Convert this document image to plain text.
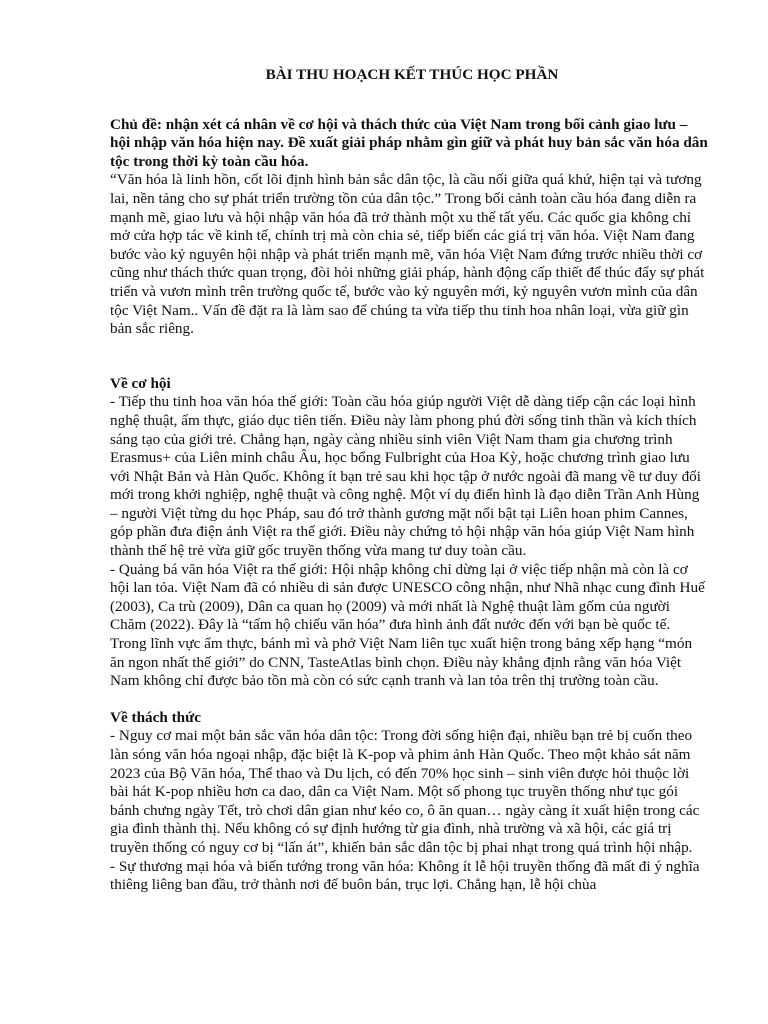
BÀI THU HOẠCH KẾT THÚC HỌC PHẦN

Chủ đề: nhận xét cá nhân về cơ hội và thách thức của Việt Nam trong bối cảnh giao lưu – hội nhập văn hóa hiện nay. Đề xuất giải pháp nhằm gìn giữ và phát huy bản sắc văn hóa dân tộc trong thời kỳ toàn cầu hóa.

“Văn hóa là linh hồn, cốt lõi định hình bản sắc dân tộc, là cầu nối giữa quá khứ, hiện tại và tương lai, nền tảng cho sự phát triển trường tồn của dân tộc.” Trong bối cảnh toàn cầu hóa đang diễn ra mạnh mẽ, giao lưu và hội nhập văn hóa đã trở thành một xu thế tất yếu. Các quốc gia không chỉ mở cửa hợp tác về kinh tế, chính trị mà còn chia sẻ, tiếp biến các giá trị văn hóa. Việt Nam đang bước vào kỷ nguyên hội nhập và phát triển mạnh mẽ, văn hóa Việt Nam đứng trước nhiều thời cơ cũng như thách thức quan trọng, đòi hỏi những giải pháp, hành động cấp thiết để thúc đẩy sự phát triển và vươn mình trên trường quốc tế, bước vào kỷ nguyên mới, kỷ nguyên vươn mình của dân tộc Việt Nam.. Vấn đề đặt ra là làm sao để chúng ta vừa tiếp thu tinh hoa nhân loại, vừa giữ gìn bản sắc riêng.

Về cơ hội

- Tiếp thu tinh hoa văn hóa thế giới: Toàn cầu hóa giúp người Việt dễ dàng tiếp cận các loại hình nghệ thuật, ẩm thực, giáo dục tiên tiến. Điều này làm phong phú đời sống tinh thần và kích thích sáng tạo của giới trẻ. Chẳng hạn, ngày càng nhiều sinh viên Việt Nam tham gia chương trình Erasmus+ của Liên minh châu Âu, học bổng Fulbright của Hoa Kỳ, hoặc chương trình giao lưu với Nhật Bản và Hàn Quốc. Không ít bạn trẻ sau khi học tập ở nước ngoài đã mang về tư duy đổi mới trong khởi nghiệp, nghệ thuật và công nghệ. Một ví dụ điển hình là đạo diễn Trần Anh Hùng – người Việt từng du học Pháp, sau đó trở thành gương mặt nổi bật tại Liên hoan phim Cannes, góp phần đưa điện ảnh Việt ra thế giới. Điều này chứng tỏ hội nhập văn hóa giúp Việt Nam hình thành thế hệ trẻ vừa giữ gốc truyền thống vừa mang tư duy toàn cầu.

- Quảng bá văn hóa Việt ra thế giới: Hội nhập không chỉ dừng lại ở việc tiếp nhận mà còn là cơ hội lan tỏa. Việt Nam đã có nhiều di sản được UNESCO công nhận, như Nhã nhạc cung đình Huế (2003), Ca trù (2009), Dân ca quan họ (2009) và mới nhất là Nghệ thuật làm gốm của người Chăm (2022). Đây là “tấm hộ chiếu văn hóa” đưa hình ảnh đất nước đến với bạn bè quốc tế. Trong lĩnh vực ẩm thực, bánh mì và phở Việt Nam liên tục xuất hiện trong bảng xếp hạng “món ăn ngon nhất thế giới” do CNN, TasteAtlas bình chọn. Điều này khẳng định rằng văn hóa Việt Nam không chỉ được bảo tồn mà còn có sức cạnh tranh và lan tỏa trên thị trường toàn cầu.

Về thách thức

- Nguy cơ mai một bản sắc văn hóa dân tộc: Trong đời sống hiện đại, nhiều bạn trẻ bị cuốn theo làn sóng văn hóa ngoại nhập, đặc biệt là K-pop và phim ảnh Hàn Quốc. Theo một khảo sát năm 2023 của Bộ Văn hóa, Thể thao và Du lịch, có đến 70% học sinh – sinh viên được hỏi thuộc lời bài hát K-pop nhiều hơn ca dao, dân ca Việt Nam. Một số phong tục truyền thống như tục gói bánh chưng ngày Tết, trò chơi dân gian như kéo co, ô ăn quan… ngày càng ít xuất hiện trong các gia đình thành thị. Nếu không có sự định hướng từ gia đình, nhà trường và xã hội, các giá trị truyền thống có nguy cơ bị “lấn át”, khiến bản sắc dân tộc bị phai nhạt trong quá trình hội nhập.

- Sự thương mại hóa và biến tướng trong văn hóa: Không ít lễ hội truyền thống đã mất đi ý nghĩa thiêng liêng ban đầu, trở thành nơi để buôn bán, trục lợi. Chẳng hạn, lễ hội chùa
